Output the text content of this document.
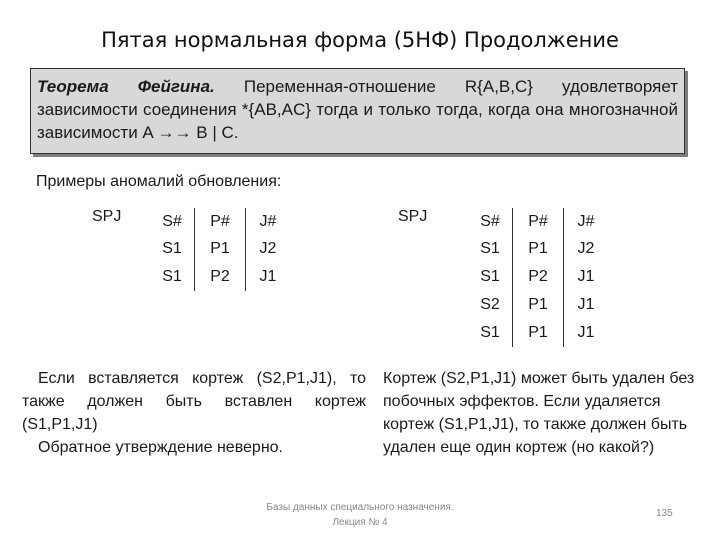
Пятая нормальная форма (5НФ) Продолжение
Теорема Фейгина. Переменная-отношение R{A,B,C} удовлетворяет зависимости соединения *{AB,AC} тогда и только тогда, когда она многозначной зависимости A →→ B | C.
Примеры аномалий обновления:
SPJ	S#	P#	J#
S1	P1	J2
S1	P2	J1
SPJ	S#	P#	J#
S1	P1	J2
S1	P2	J1
S2	P1	J1
S1	P1	J1
Если вставляется кортеж (S2,P1,J1), то также должен быть вставлен кортеж (S1,P1,J1)
Обратное утверждение неверно.
Кортеж (S2,P1,J1) может быть удален без побочных эффектов. Если удаляется кортеж (S1,P1,J1), то также должен быть удален еще один кортеж (но какой?)
Базы данных специального назначения.
Лекция № 4
135
